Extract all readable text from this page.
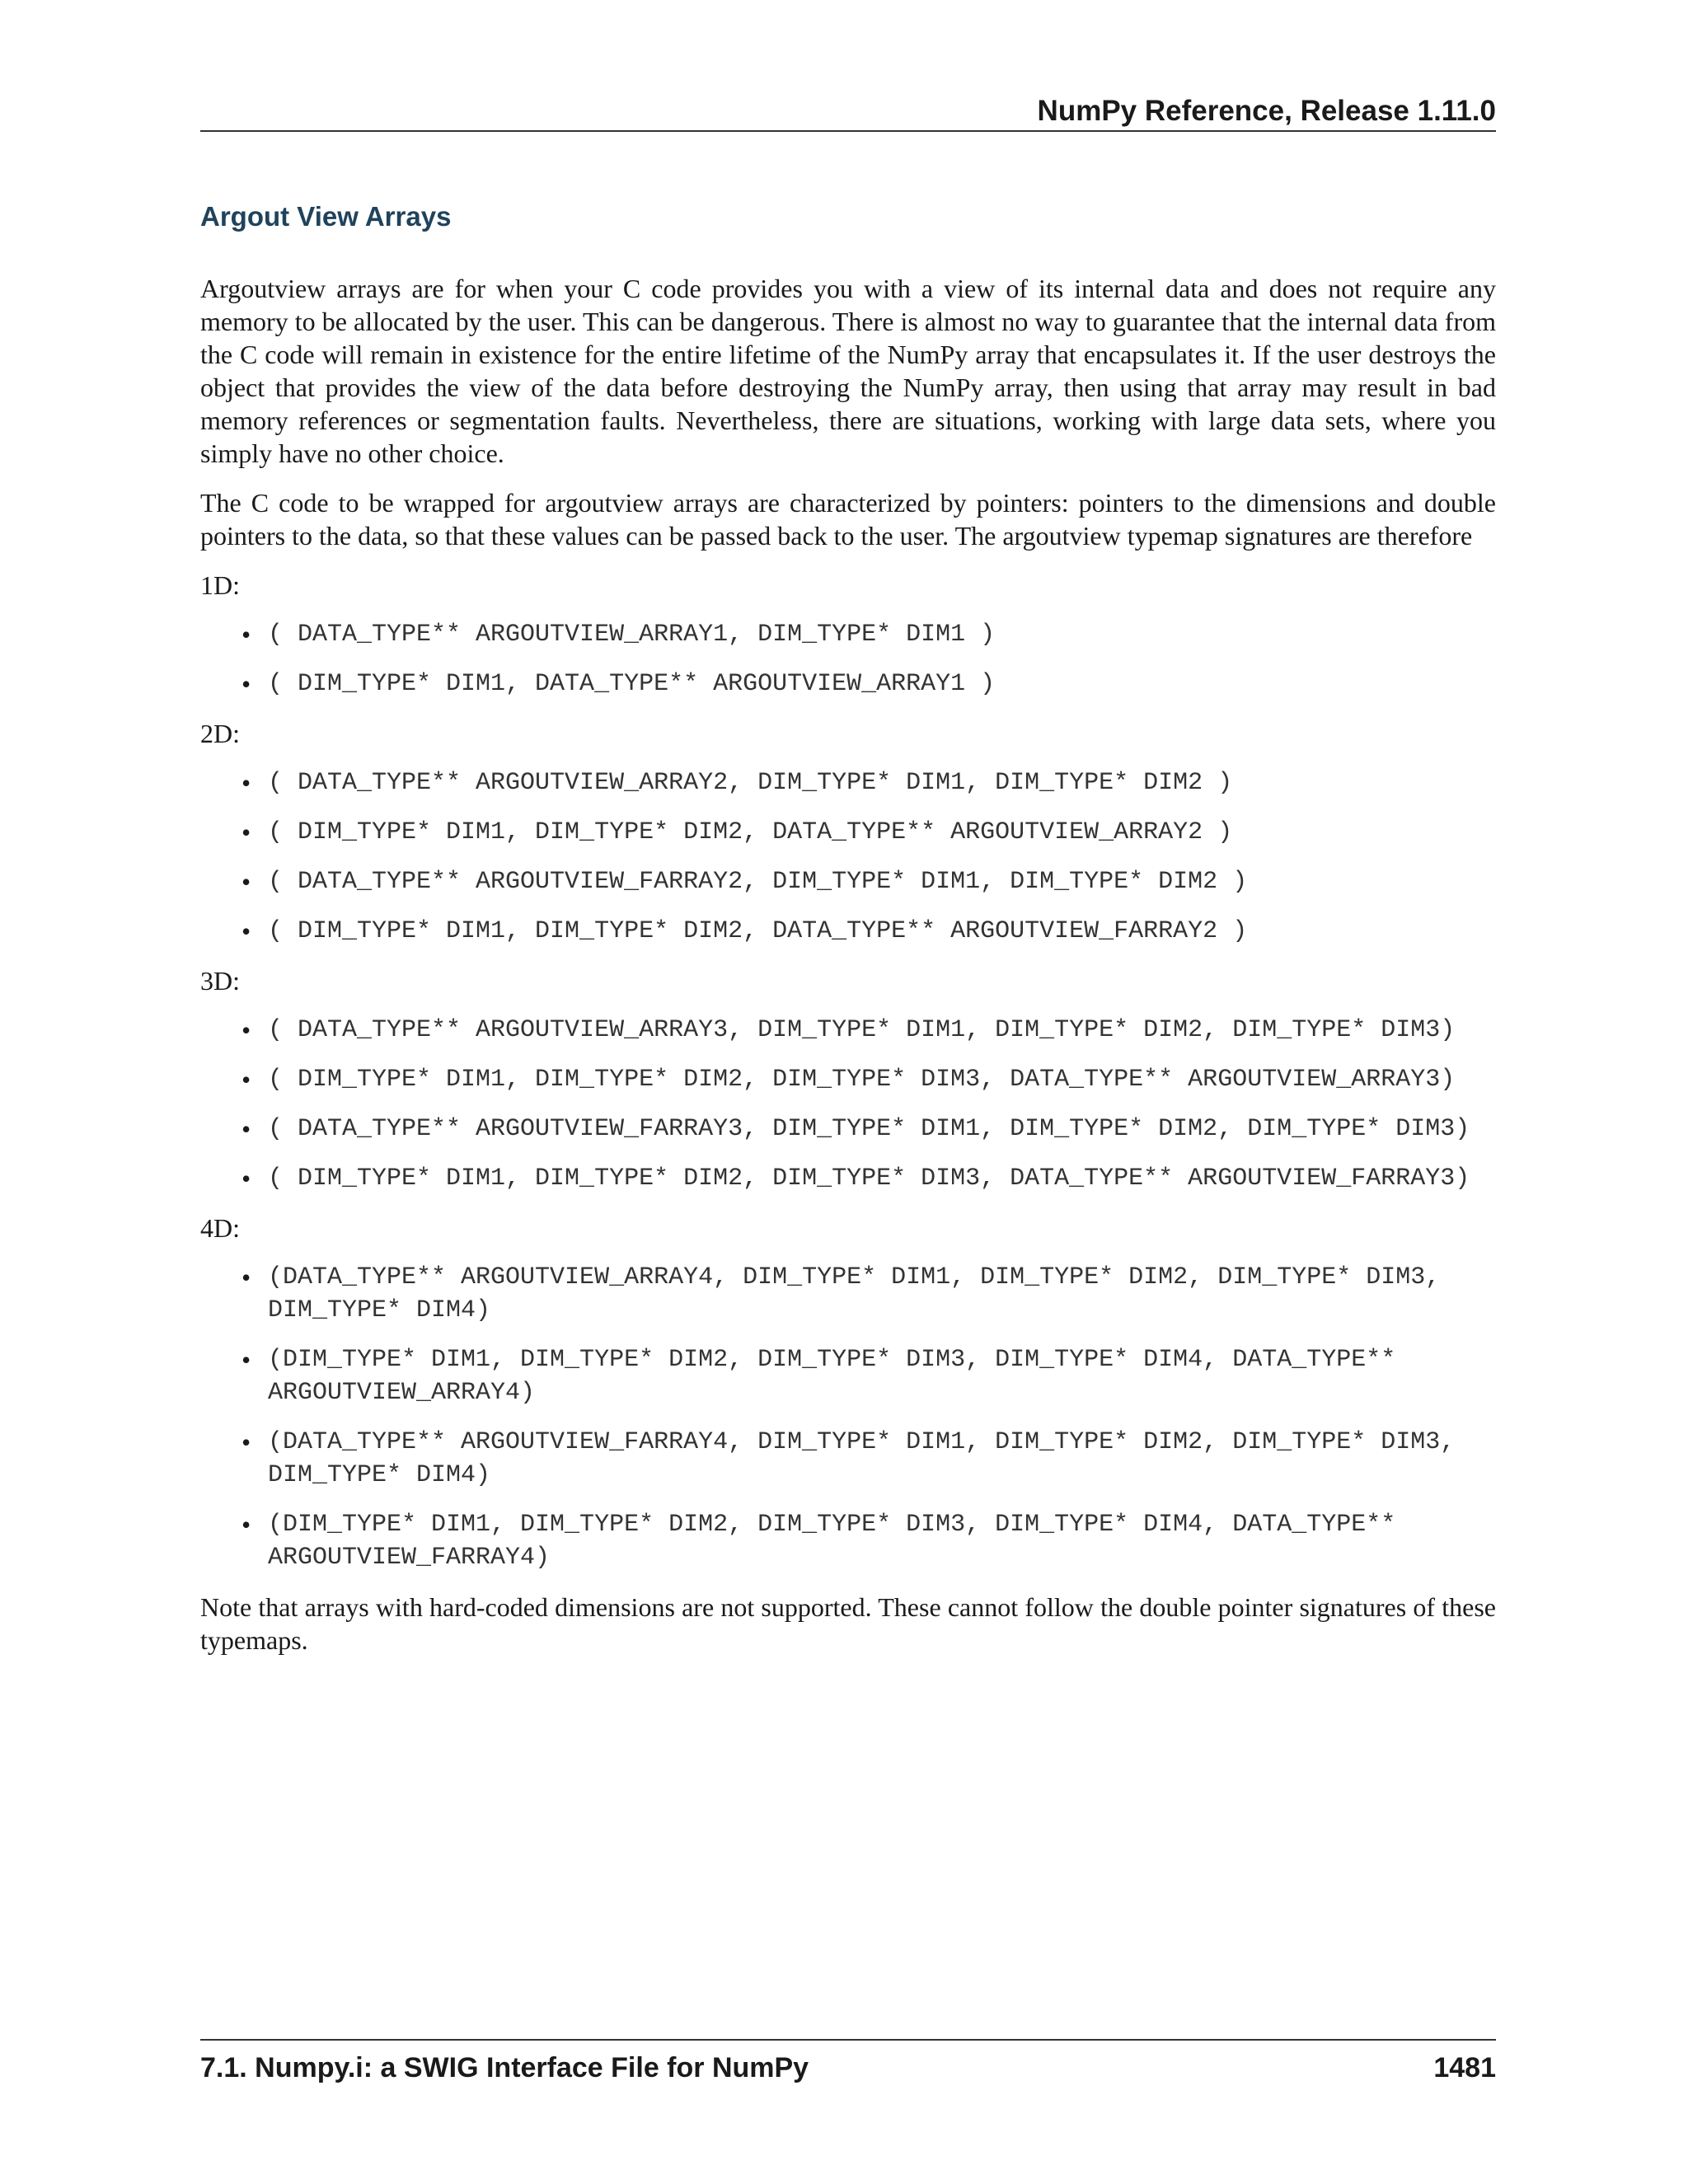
NumPy Reference, Release 1.11.0
Argout View Arrays

Argoutview arrays are for when your C code provides you with a view of its internal data and does not require any memory to be allocated by the user. This can be dangerous. There is almost no way to guarantee that the internal data from the C code will remain in existence for the entire lifetime of the NumPy array that encapsulates it. If the user destroys the object that provides the view of the data before destroying the NumPy array, then using that array may result in bad memory references or segmentation faults. Nevertheless, there are situations, working with large data sets, where you simply have no other choice.

The C code to be wrapped for argoutview arrays are characterized by pointers: pointers to the dimensions and double pointers to the data, so that these values can be passed back to the user. The argoutview typemap signatures are therefore

1D:
• ( DATA_TYPE** ARGOUTVIEW_ARRAY1, DIM_TYPE* DIM1 )
• ( DIM_TYPE* DIM1, DATA_TYPE** ARGOUTVIEW_ARRAY1 )
2D:
• ( DATA_TYPE** ARGOUTVIEW_ARRAY2, DIM_TYPE* DIM1, DIM_TYPE* DIM2 )
• ( DIM_TYPE* DIM1, DIM_TYPE* DIM2, DATA_TYPE** ARGOUTVIEW_ARRAY2 )
• ( DATA_TYPE** ARGOUTVIEW_FARRAY2, DIM_TYPE* DIM1, DIM_TYPE* DIM2 )
• ( DIM_TYPE* DIM1, DIM_TYPE* DIM2, DATA_TYPE** ARGOUTVIEW_FARRAY2 )
3D:
• ( DATA_TYPE** ARGOUTVIEW_ARRAY3, DIM_TYPE* DIM1, DIM_TYPE* DIM2, DIM_TYPE* DIM3)
• ( DIM_TYPE* DIM1, DIM_TYPE* DIM2, DIM_TYPE* DIM3, DATA_TYPE** ARGOUTVIEW_ARRAY3)
• ( DATA_TYPE** ARGOUTVIEW_FARRAY3, DIM_TYPE* DIM1, DIM_TYPE* DIM2, DIM_TYPE* DIM3)
• ( DIM_TYPE* DIM1, DIM_TYPE* DIM2, DIM_TYPE* DIM3, DATA_TYPE** ARGOUTVIEW_FARRAY3)
4D:
• (DATA_TYPE** ARGOUTVIEW_ARRAY4, DIM_TYPE* DIM1, DIM_TYPE* DIM2, DIM_TYPE* DIM3, DIM_TYPE* DIM4)
• (DIM_TYPE* DIM1, DIM_TYPE* DIM2, DIM_TYPE* DIM3, DIM_TYPE* DIM4, DATA_TYPE** ARGOUTVIEW_ARRAY4)
• (DATA_TYPE** ARGOUTVIEW_FARRAY4, DIM_TYPE* DIM1, DIM_TYPE* DIM2, DIM_TYPE* DIM3, DIM_TYPE* DIM4)
• (DIM_TYPE* DIM1, DIM_TYPE* DIM2, DIM_TYPE* DIM3, DIM_TYPE* DIM4, DATA_TYPE** ARGOUTVIEW_FARRAY4)

Note that arrays with hard-coded dimensions are not supported. These cannot follow the double pointer signatures of these typemaps.

7.1. Numpy.i: a SWIG Interface File for NumPy	1481
